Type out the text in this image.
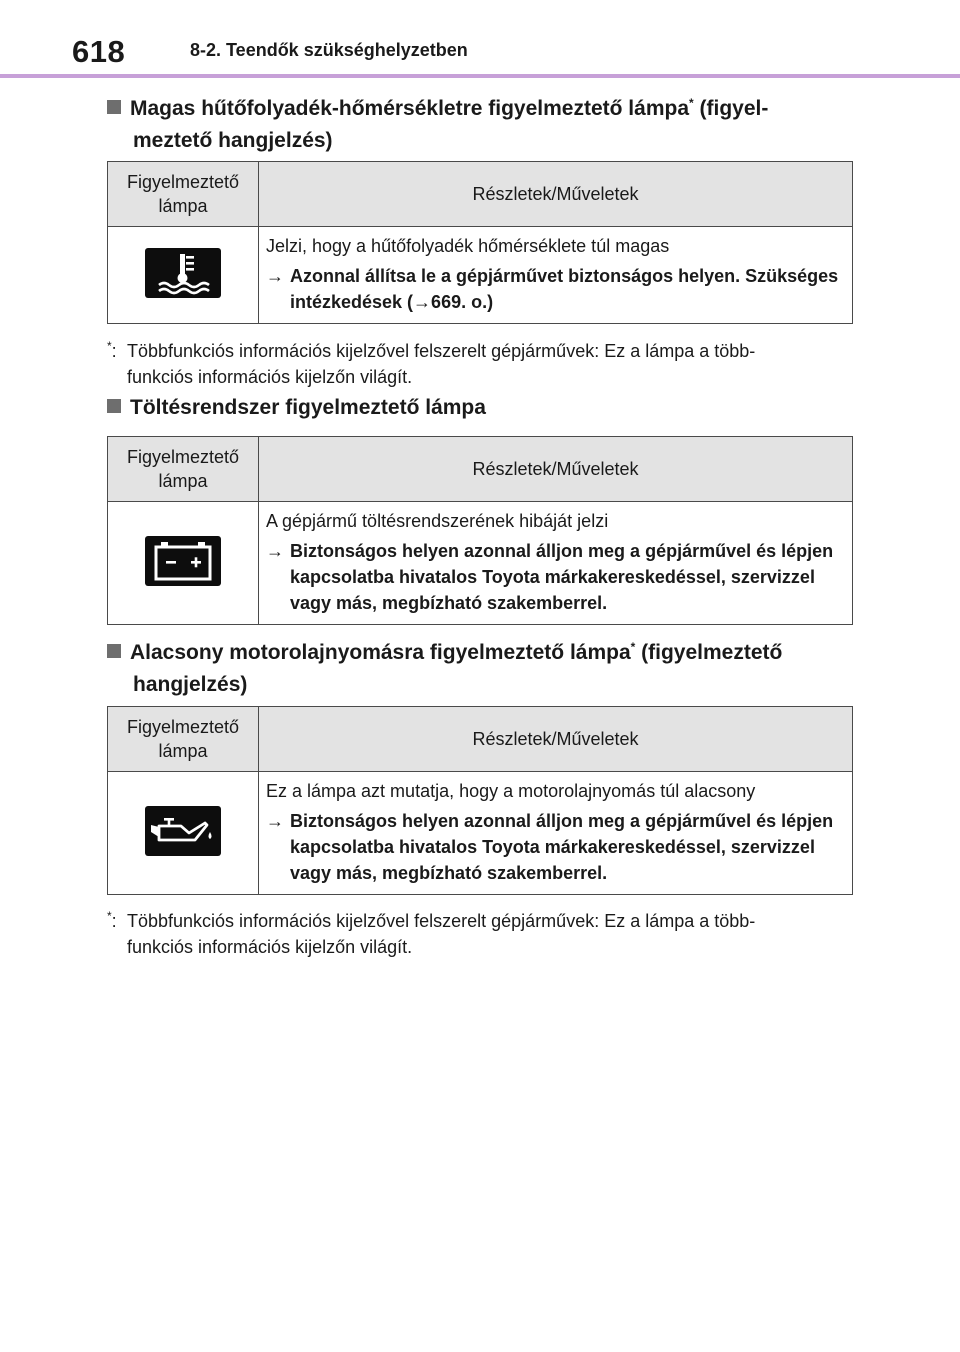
618	8-2. Teendők szükséghelyzetben
Magas hűtőfolyadék-hőmérsékletre figyelmeztető lámpa* (figyel-
meztető hangjelzés)
Figyelmeztető lámpa	Részletek/Műveletek

Jelzi, hogy a hűtőfolyadék hőmérséklete túl magas
→ Azonnal állítsa le a gépjárművet biztonságos helyen. Szükséges intézkedések (→669. o.)
*: Többfunkciós információs kijelzővel felszerelt gépjárművek: Ez a lámpa a több-
funkciós információs kijelzőn világít.
Töltésrendszer figyelmeztető lámpa
Figyelmeztető lámpa	Részletek/Műveletek

A gépjármű töltésrendszerének hibáját jelzi
→ Biztonságos helyen azonnal álljon meg a gépjárművel és lépjen kapcsolatba hivatalos Toyota márkakereskedéssel, szervizzel vagy más, megbízható szakemberrel.
Alacsony motorolajnyomásra figyelmeztető lámpa* (figyelmeztető
hangjelzés)
Figyelmeztető lámpa	Részletek/Műveletek

Ez a lámpa azt mutatja, hogy a motorolajnyomás túl alacsony
→ Biztonságos helyen azonnal álljon meg a gépjárművel és lépjen kapcsolatba hivatalos Toyota márkakereskedéssel, szervizzel vagy más, megbízható szakemberrel.
*: Többfunkciós információs kijelzővel felszerelt gépjárművek: Ez a lámpa a több-
funkciós információs kijelzőn világít.
